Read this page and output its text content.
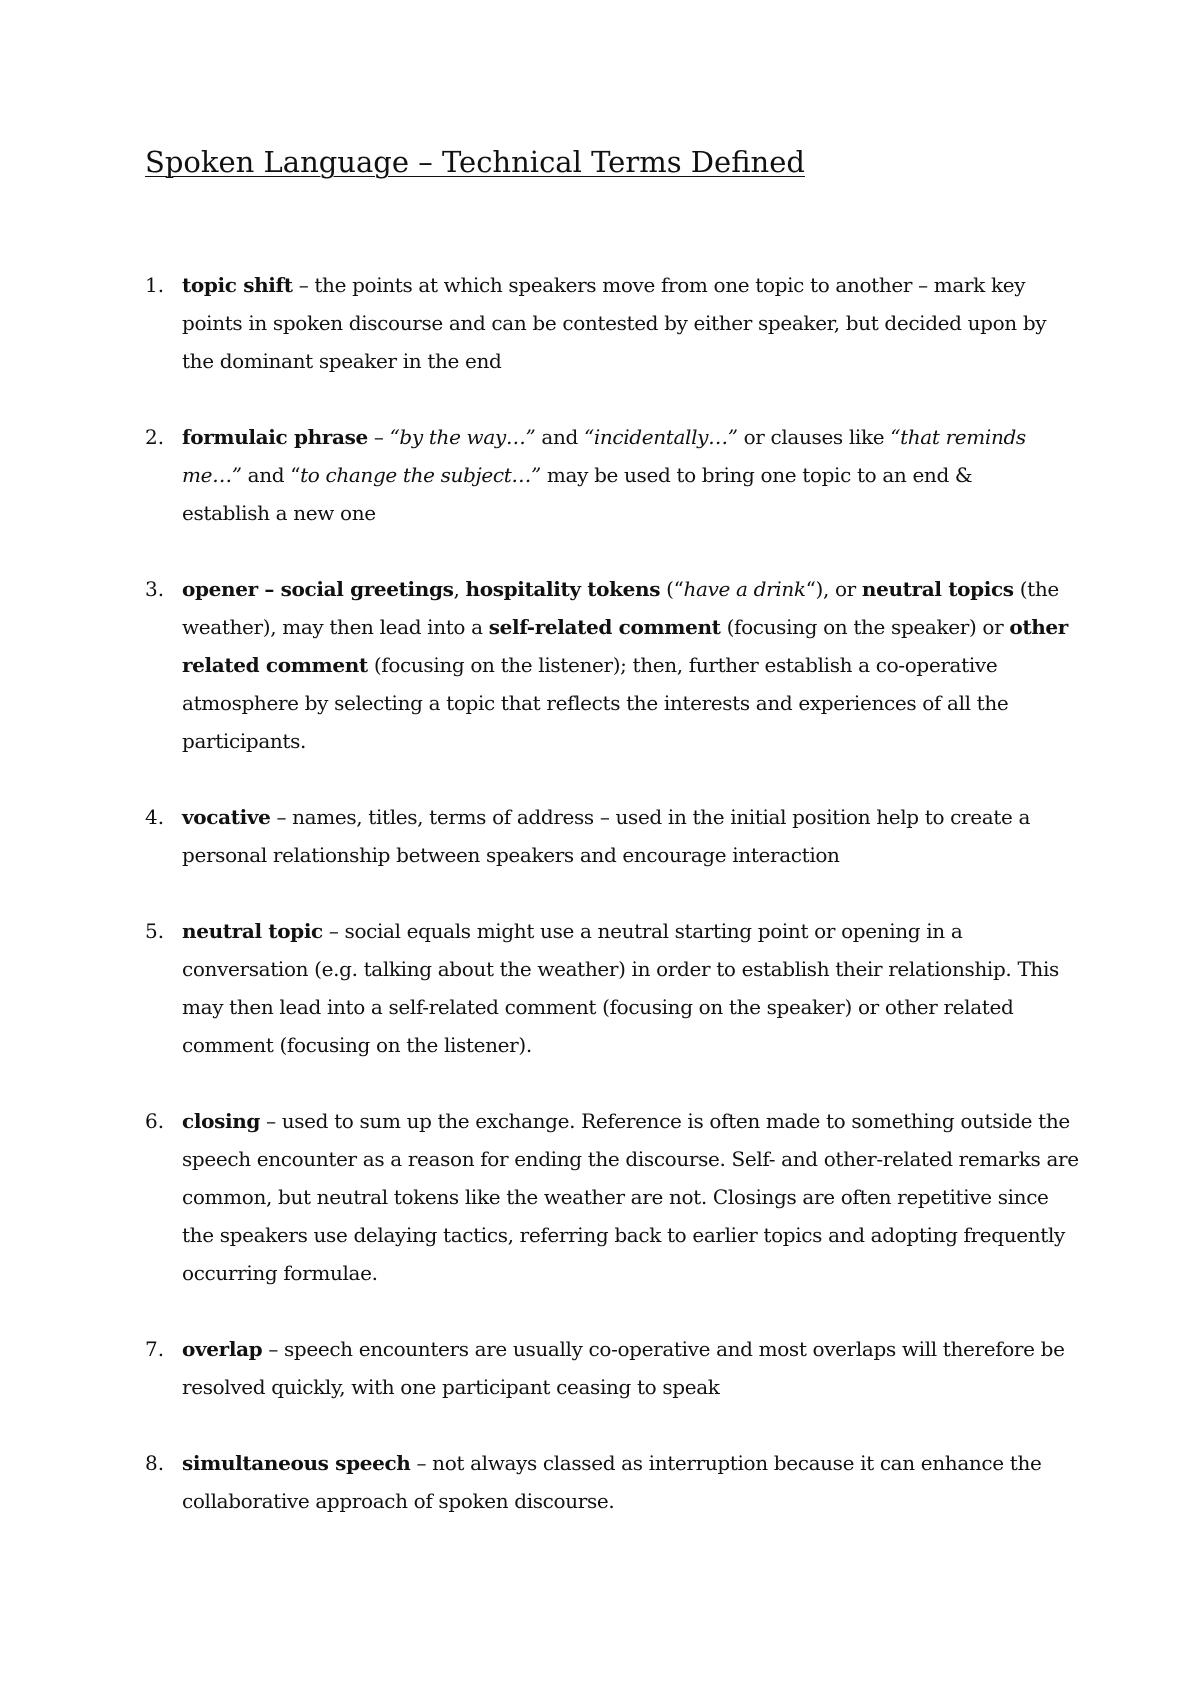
Spoken Language – Technical Terms Defined
1. topic shift – the points at which speakers move from one topic to another – mark key
points in spoken discourse and can be contested by either speaker, but decided upon by
the dominant speaker in the end

2. formulaic phrase – “by the way…” and “incidentally…” or clauses like “that reminds
me…” and “to change the subject…” may be used to bring one topic to an end &
establish a new one

3. opener – social greetings, hospitality tokens (“have a drink“), or neutral topics (the
weather), may then lead into a self-related comment (focusing on the speaker) or other
related comment (focusing on the listener); then, further establish a co-operative
atmosphere by selecting a topic that reflects the interests and experiences of all the
participants.

4. vocative – names, titles, terms of address – used in the initial position help to create a
personal relationship between speakers and encourage interaction

5. neutral topic – social equals might use a neutral starting point or opening in a
conversation (e.g. talking about the weather) in order to establish their relationship. This
may then lead into a self-related comment (focusing on the speaker) or other related
comment (focusing on the listener).

6. closing – used to sum up the exchange. Reference is often made to something outside the
speech encounter as a reason for ending the discourse. Self- and other-related remarks are
common, but neutral tokens like the weather are not. Closings are often repetitive since
the speakers use delaying tactics, referring back to earlier topics and adopting frequently
occurring formulae.

7. overlap – speech encounters are usually co-operative and most overlaps will therefore be
resolved quickly, with one participant ceasing to speak

8. simultaneous speech – not always classed as interruption because it can enhance the
collaborative approach of spoken discourse.
